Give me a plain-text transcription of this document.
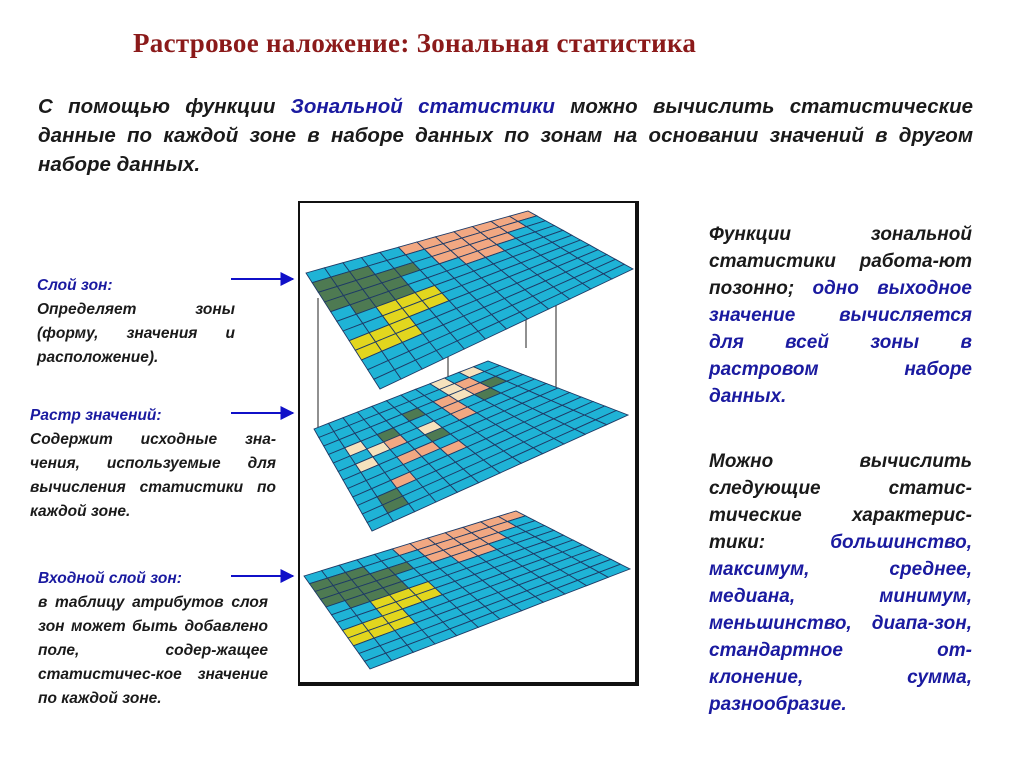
Растровое наложение: Зональная статистика
С помощью функции Зональной статистики можно вычислить статистические данные по каждой зоне в наборе данных по зонам на основании значений в другом наборе данных.
Слой зон:
Определяет зоны (форму, значения и расположение).
Растр значений:
Содержит исходные зна-чения, используемые для вычисления статистики по каждой зоне.
Входной слой зон:
в таблицу атрибутов слоя зон может быть добавлено поле, содер-жащее статистичес-кое значение по каждой зоне.
Функции зональной статистики работа-ют позонно; одно выходное значение вычисляется для всей зоны в растровом наборе данных.
Можно вычислить следующие статис-тические характерис-тики: большинство, максимум, среднее, медиана, минимум, меньшинство, диапа-зон, стандартное от-клонение, сумма, разнообразие.
